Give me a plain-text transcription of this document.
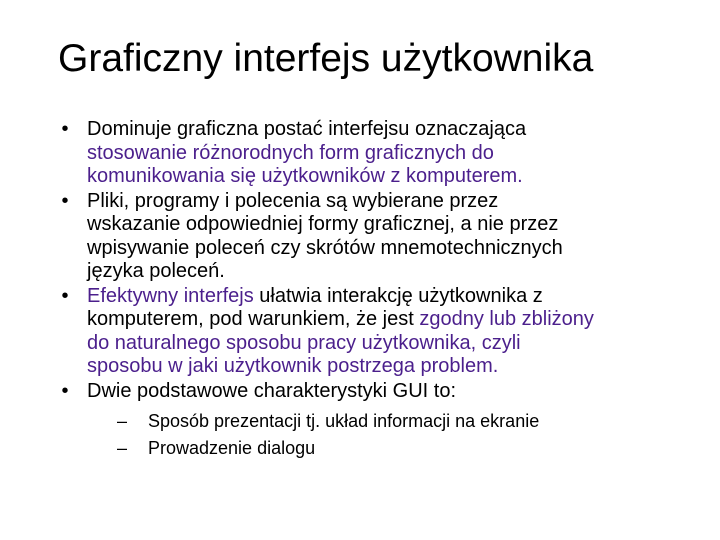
Graficzny interfejs użytkownika
• Dominuje graficzna postać interfejsu oznaczająca
stosowanie różnorodnych form graficznych do
komunikowania się użytkowników z komputerem.
• Pliki, programy i polecenia są wybierane przez
wskazanie odpowiedniej formy graficznej, a nie przez
wpisywanie poleceń czy skrótów mnemotechnicznych
języka poleceń.
• Efektywny interfejs ułatwia interakcję użytkownika z
komputerem, pod warunkiem, że jest zgodny lub zbliżony
do naturalnego sposobu pracy użytkownika, czyli
sposobu w jaki użytkownik postrzega problem.
• Dwie podstawowe charakterystyki GUI to:
– Sposób prezentacji tj. układ informacji na ekranie
– Prowadzenie dialogu
